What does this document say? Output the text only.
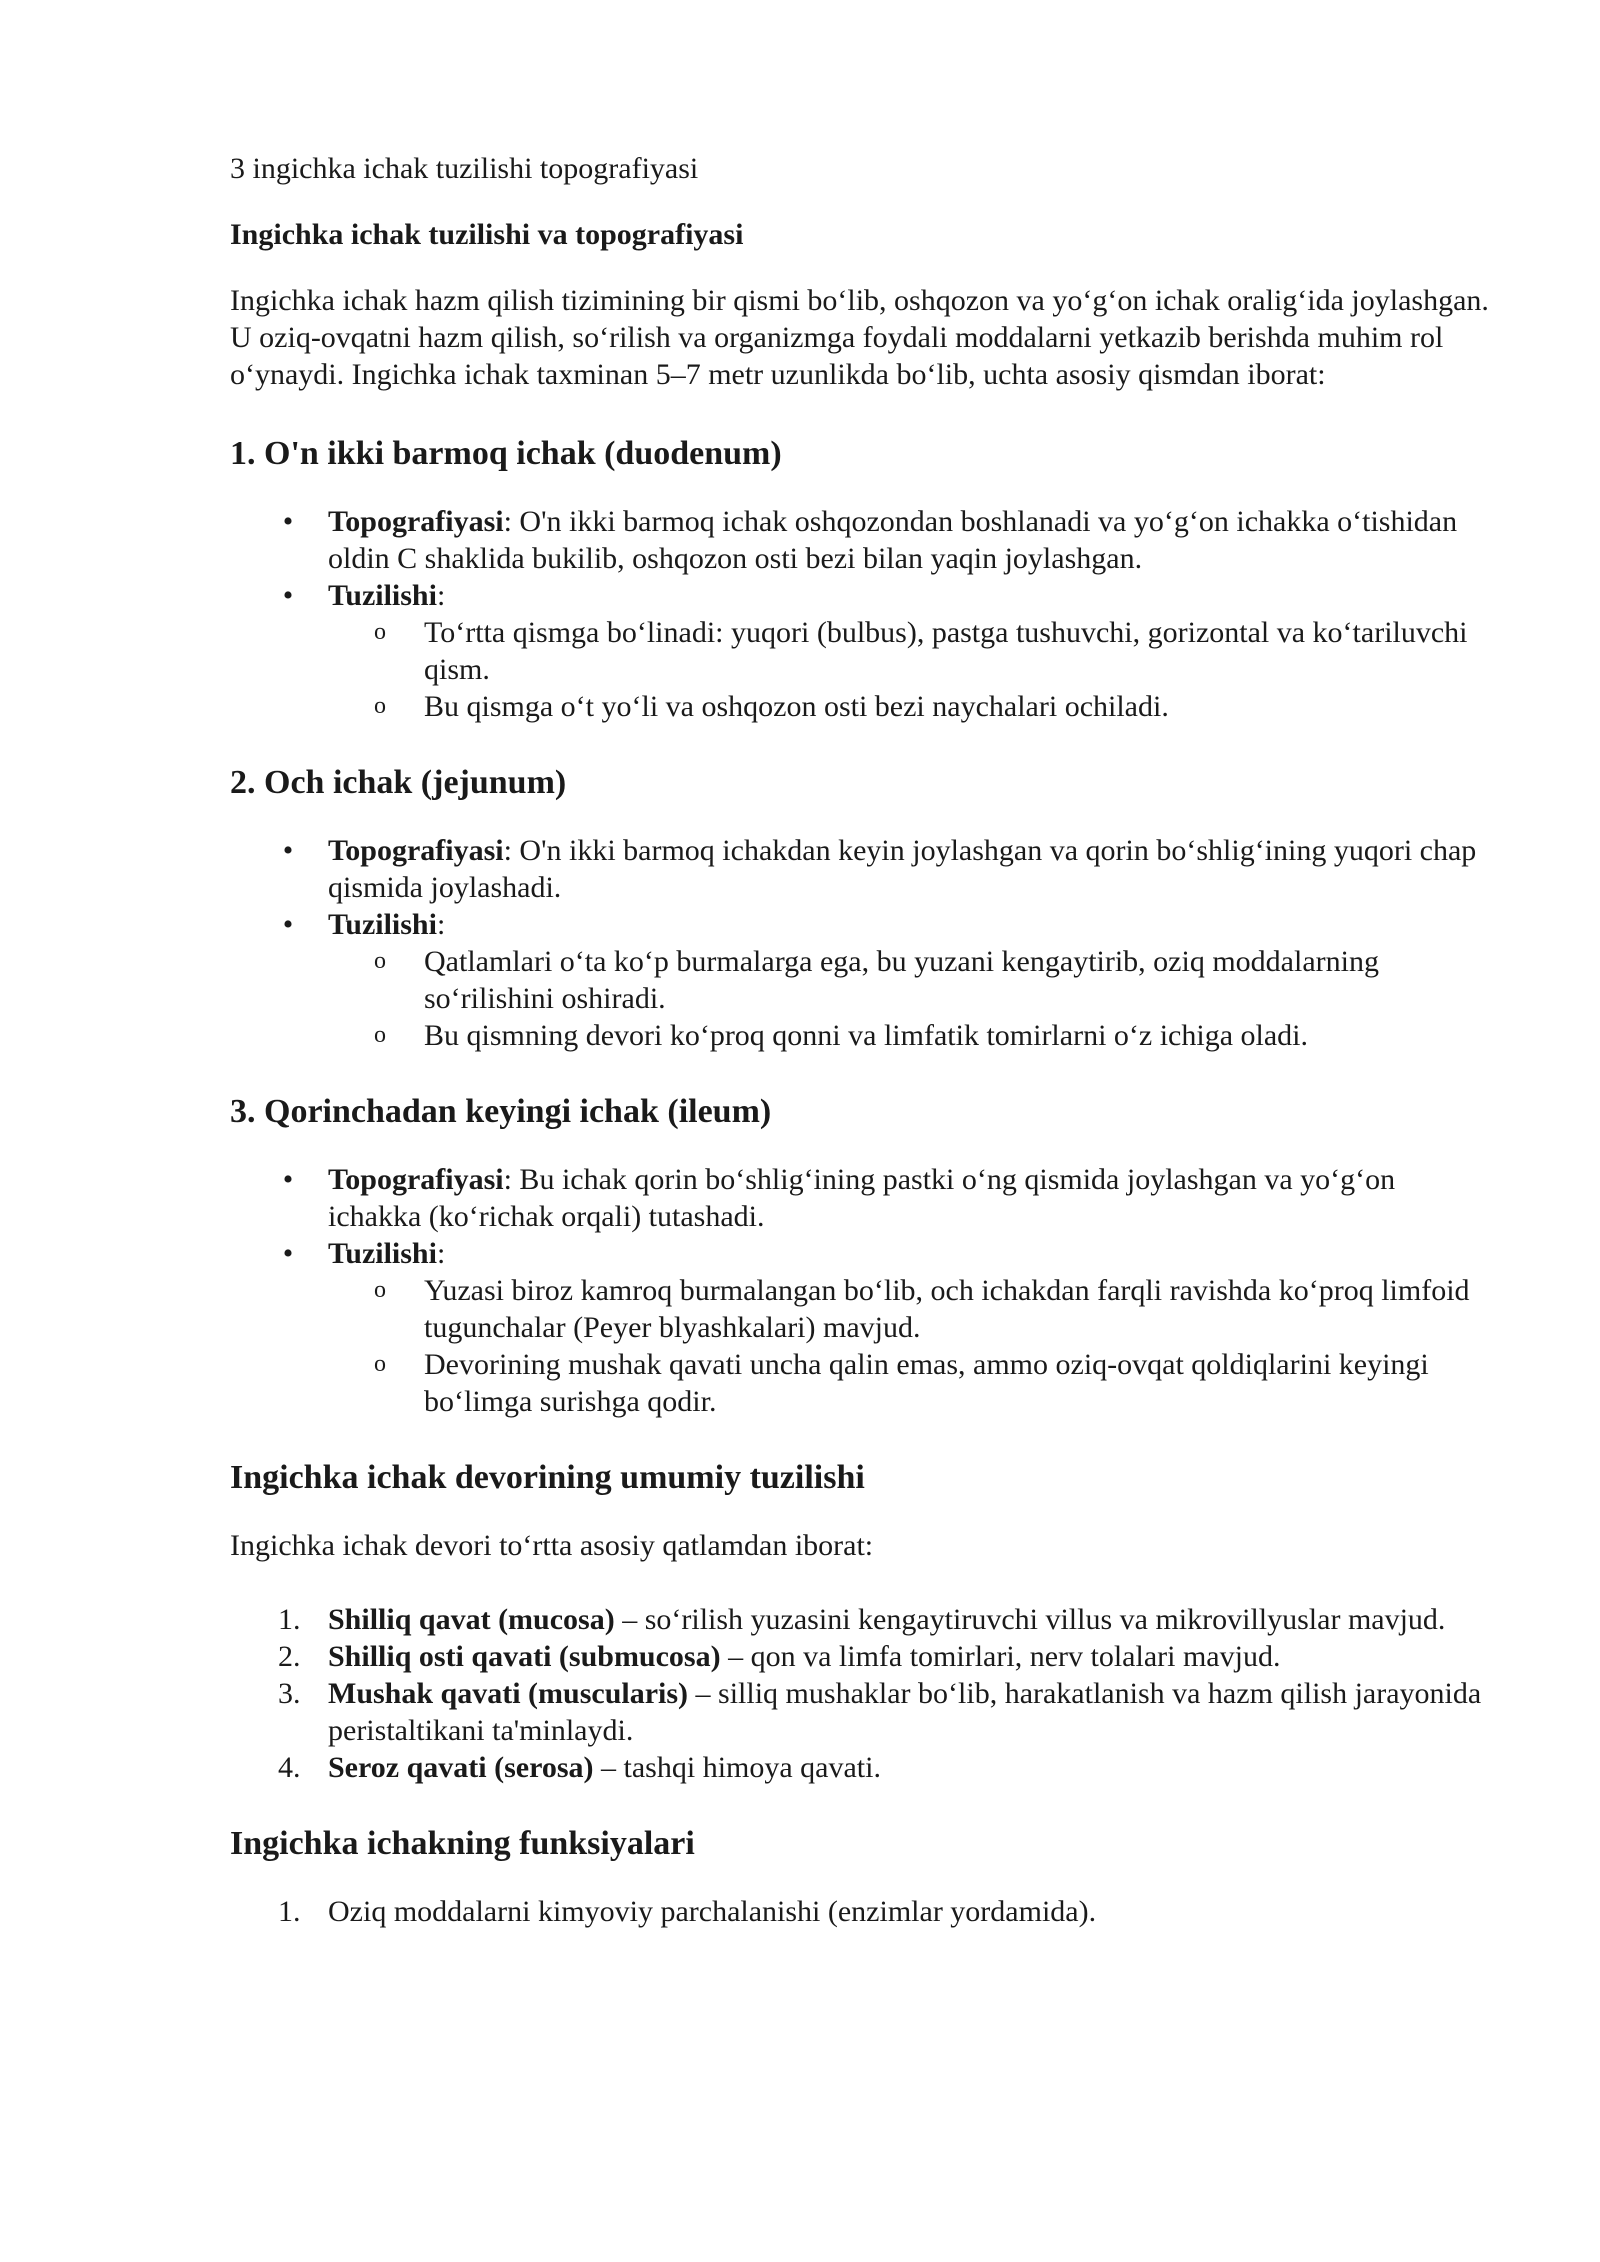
3 ingichka ichak tuzilishi topografiyasi

Ingichka ichak tuzilishi va topografiyasi

Ingichka ichak hazm qilish tizimining bir qismi bo‘lib, oshqozon va yo‘g‘on ichak oralig‘ida joylashgan. U oziq-ovqatni hazm qilish, so‘rilish va organizmga foydali moddalarni yetkazib berishda muhim rol o‘ynaydi. Ingichka ichak taxminan 5–7 metr uzunlikda bo‘lib, uchta asosiy qismdan iborat:

1. O'n ikki barmoq ichak (duodenum)
• Topografiyasi: O'n ikki barmoq ichak oshqozondan boshlanadi va yo‘g‘on ichakka o‘tishidan oldin C shaklida bukilib, oshqozon osti bezi bilan yaqin joylashgan.
• Tuzilishi:
o To‘rtta qismga bo‘linadi: yuqori (bulbus), pastga tushuvchi, gorizontal va ko‘tariluvchi qism.
o Bu qismga o‘t yo‘li va oshqozon osti bezi naychalari ochiladi.
2. Och ichak (jejunum)
• Topografiyasi: O'n ikki barmoq ichakdan keyin joylashgan va qorin bo‘shlig‘ining yuqori chap qismida joylashadi.
• Tuzilishi:
o Qatlamlari o‘ta ko‘p burmalarga ega, bu yuzani kengaytirib, oziq moddalarning so‘rilishini oshiradi.
o Bu qismning devori ko‘proq qonni va limfatik tomirlarni o‘z ichiga oladi.
3. Qorinchadan keyingi ichak (ileum)
• Topografiyasi: Bu ichak qorin bo‘shlig‘ining pastki o‘ng qismida joylashgan va yo‘g‘on ichakka (ko‘richak orqali) tutashadi.
• Tuzilishi:
o Yuzasi biroz kamroq burmalangan bo‘lib, och ichakdan farqli ravishda ko‘proq limfoid tugunchalar (Peyer blyashkalari) mavjud.
o Devorining mushak qavati uncha qalin emas, ammo oziq-ovqat qoldiqlarini keyingi bo‘limga surishga qodir.
Ingichka ichak devorining umumiy tuzilishi

Ingichka ichak devori to‘rtta asosiy qatlamdan iborat:

1. Shilliq qavat (mucosa) – so‘rilish yuzasini kengaytiruvchi villus va mikrovillyuslar mavjud.
2. Shilliq osti qavati (submucosa) – qon va limfa tomirlari, nerv tolalari mavjud.
3. Mushak qavati (muscularis) – silliq mushaklar bo‘lib, harakatlanish va hazm qilish jarayonida peristaltikani ta'minlaydi.
4. Seroz qavati (serosa) – tashqi himoya qavati.
Ingichka ichakning funksiyalari
1. Oziq moddalarni kimyoviy parchalanishi (enzimlar yordamida).
